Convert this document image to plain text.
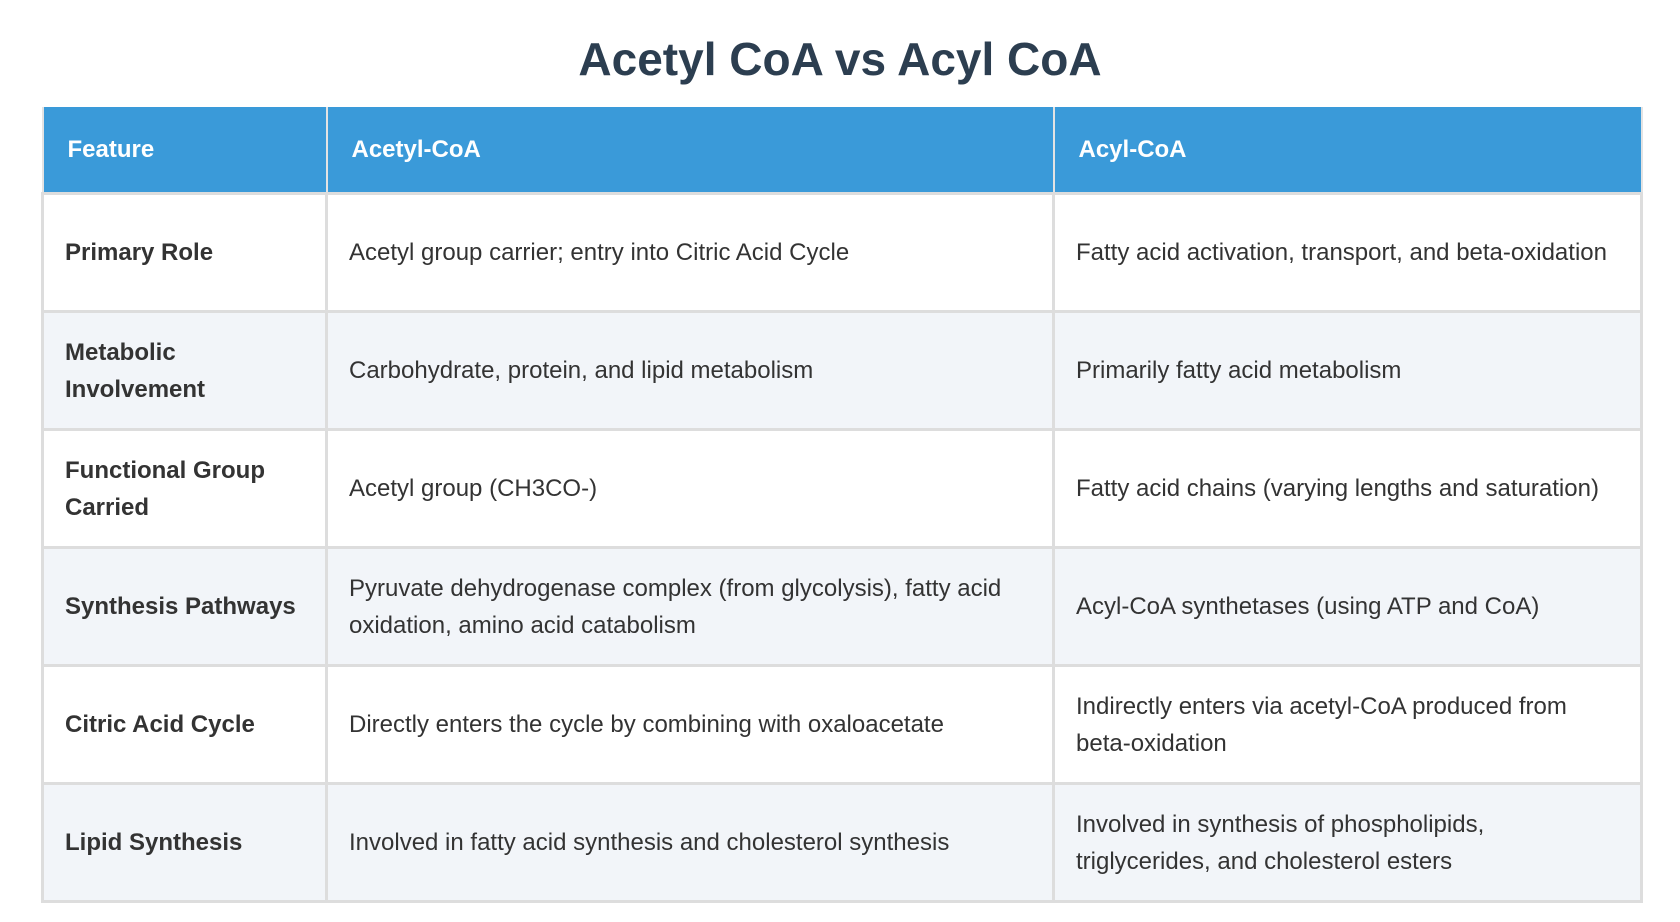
Acetyl CoA vs Acyl CoA
Feature	Acetyl-CoA	Acyl-CoA
Primary Role	Acetyl group carrier; entry into Citric Acid Cycle	Fatty acid activation, transport, and beta-oxidation
Metabolic Involvement	Carbohydrate, protein, and lipid metabolism	Primarily fatty acid metabolism
Functional Group Carried	Acetyl group (CH3CO-)	Fatty acid chains (varying lengths and saturation)
Synthesis Pathways	Pyruvate dehydrogenase complex (from glycolysis), fatty acid oxidation, amino acid catabolism	Acyl-CoA synthetases (using ATP and CoA)
Citric Acid Cycle	Directly enters the cycle by combining with oxaloacetate	Indirectly enters via acetyl-CoA produced from beta-oxidation
Lipid Synthesis	Involved in fatty acid synthesis and cholesterol synthesis	Involved in synthesis of phospholipids, triglycerides, and cholesterol esters
